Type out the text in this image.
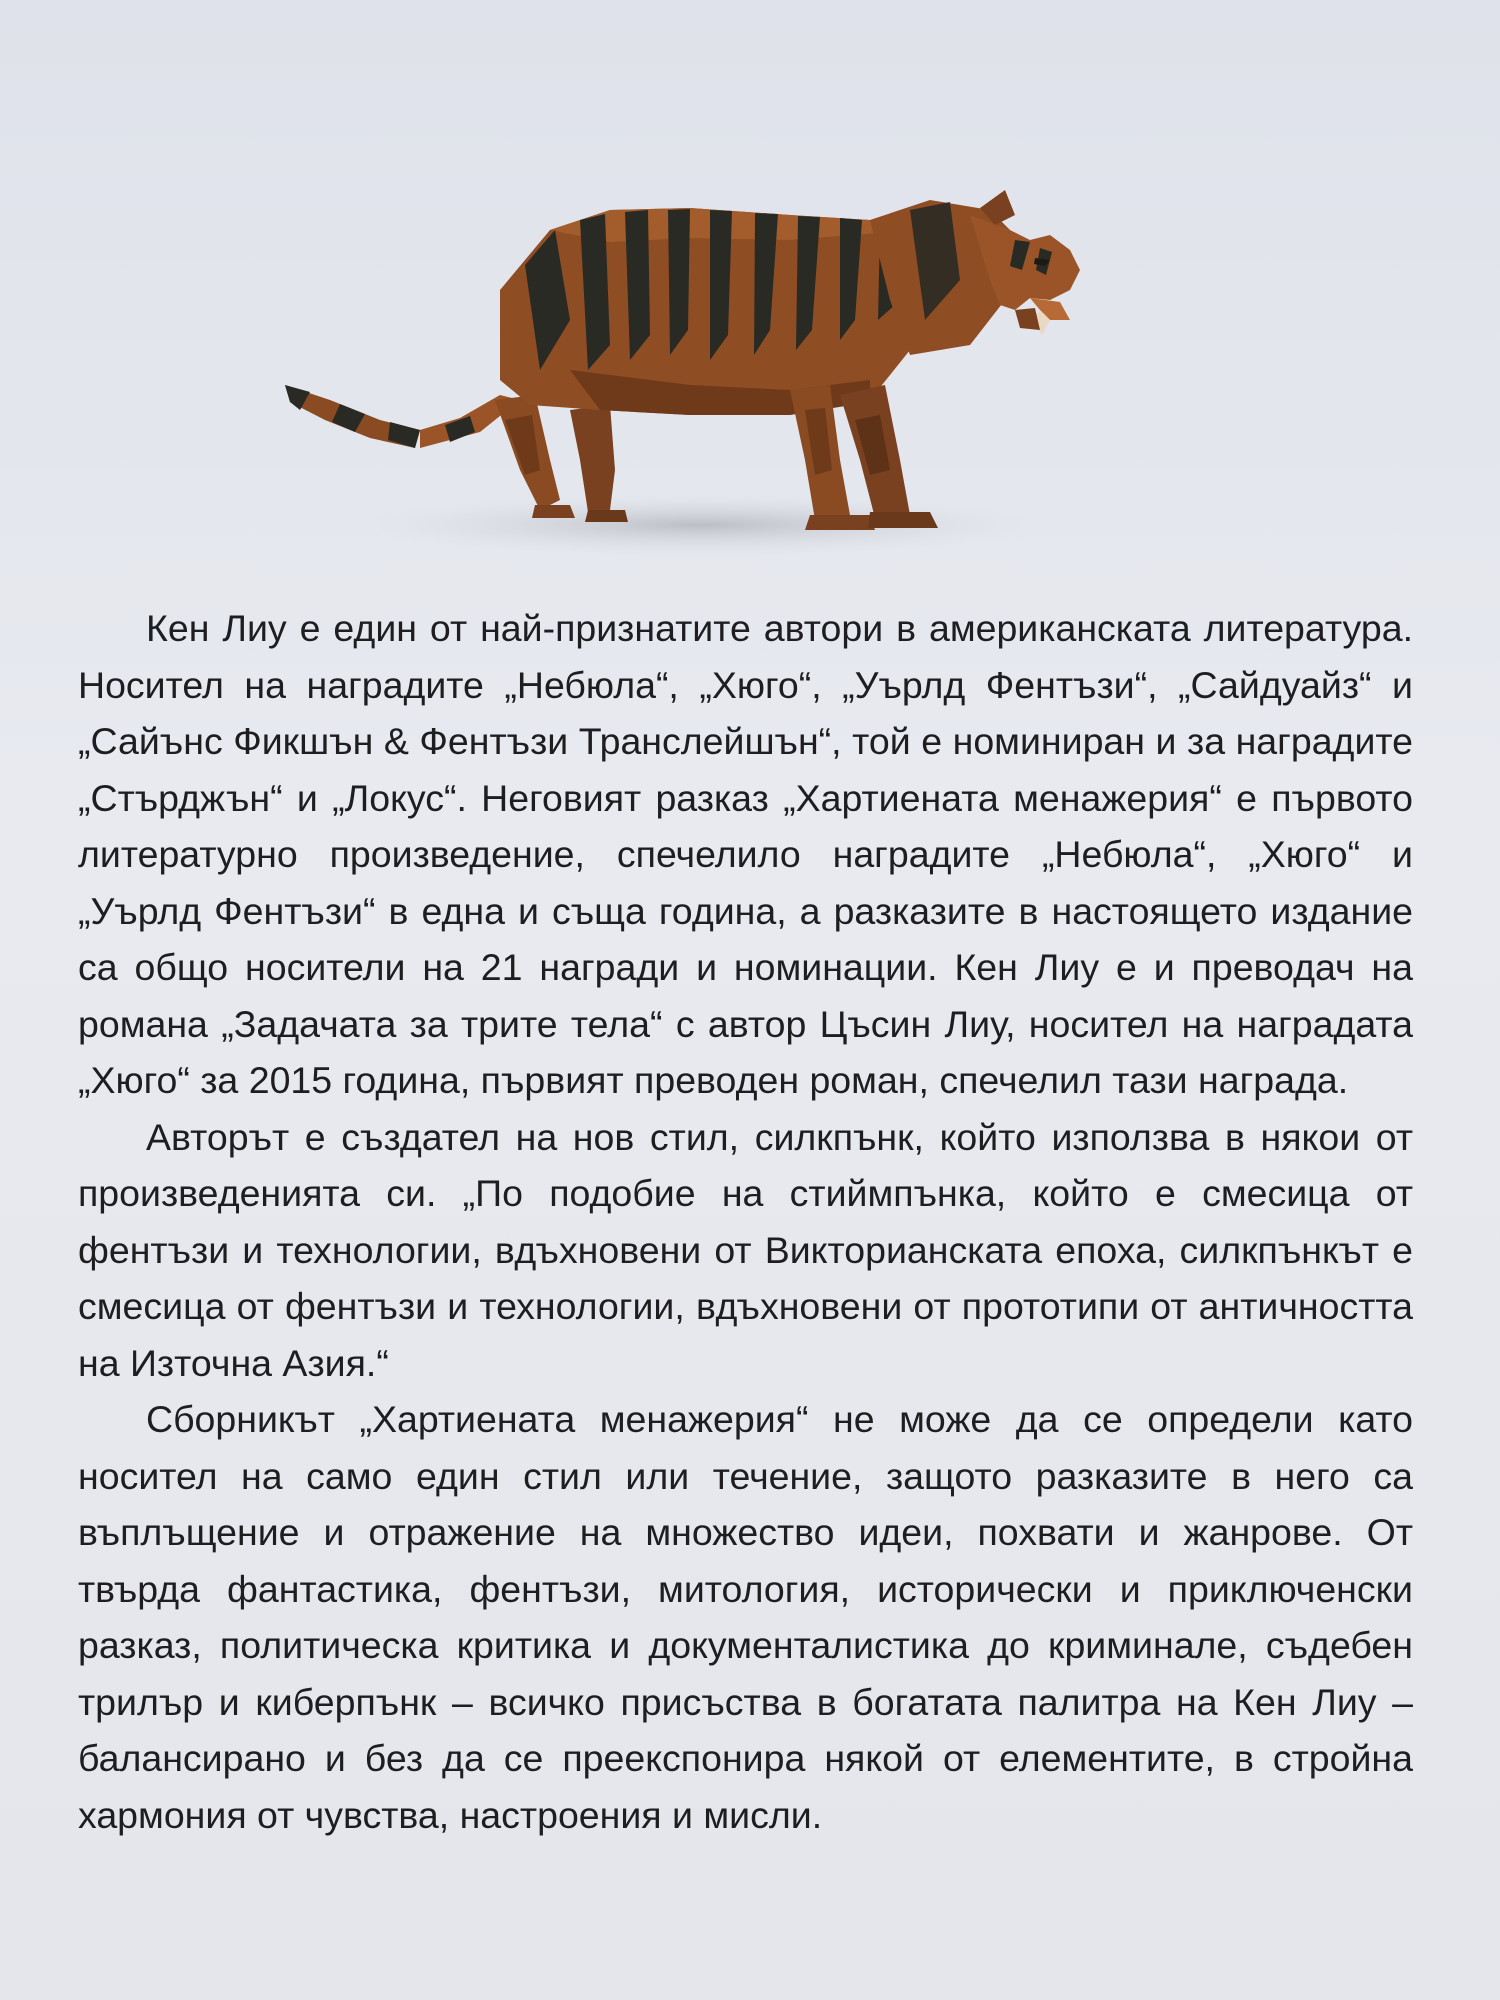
Кен Лиу е един от най-признатите автори в американската литература. Носител на наградите „Небюла“, „Хюго“, „Уърлд Фентъзи“, „Сайдуайз“ и „Сайънс Фикшън & Фентъзи Транслейшън“, той е номиниран и за наградите „Стърджън“ и „Локус“. Неговият разказ „Хартиената менажерия“ е първото литературно произведение, спечелило наградите „Небюла“, „Хюго“ и „Уърлд Фентъзи“ в една и съща година, а разказите в настоящето издание са общо носители на 21 награди и номинации. Кен Лиу е и преводач на романа „Задачата за трите тела“ с автор Цъсин Лиу, носител на наградата „Хюго“ за 2015 година, първият преводен роман, спечелил тази награда.

Авторът е създател на нов стил, силкпънк, който използва в някои от произведенията си. „По подобие на стиймпънка, който е смесица от фентъзи и технологии, вдъхновени от Викторианската епоха, силкпънкът е смесица от фентъзи и технологии, вдъхновени от прототипи от античността на Източна Азия.“

Сборникът „Хартиената менажерия“ не може да се определи като носител на само един стил или течение, защото разказите в него са въплъщение и отражение на множество идеи, похвати и жанрове. От твърда фантастика, фентъзи, митология, исторически и приключенски разказ, политическа критика и документалистика до криминале, съдебен трилър и киберпънк – всичко присъства в богатата палитра на Кен Лиу – балансирано и без да се преекспонира някой от елементите, в стройна хармония от чувства, настроения и мисли.
